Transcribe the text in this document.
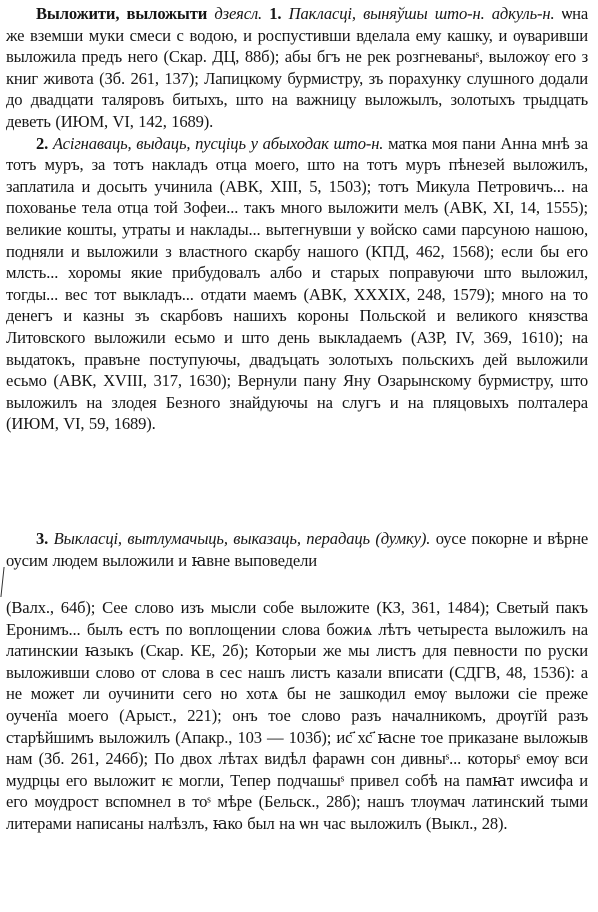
Выложити, выложыти дзеясл. 1. Пакласці, выняўшы што-н. адкуль-н. ѡна же вземши муки смеси с водою, и роспустивши вделала ему кашку, и ѹваривши выложила предъ него (Скар. ДЦ, 88б); абы бгъ не рек розгневаныˢ, выложѹ его з книг живота (Зб. 261, 137); Лапицкому бурмистру, зъ порахунку слушного додали до двадцати таляровъ битыхъ, што на важницу выложылъ, золотыхъ трыдцать деветь (ИЮМ, VI, 142, 1689).

2. Асігнаваць, выдаць, пусціць у абыходак што-н. матка моя пани Анна мнѣ за тотъ муръ, за тотъ накладъ отца моего, што на тотъ муръ пѣнезей выложилъ, заплатила и досыть учинила (АВК, XIII, 5, 1503); тотъ Микула Петровичъ... на похованье тела отца той Зофеи... такъ много выложити мелъ (АВК, XI, 14, 1555); великие кошты, утраты и наклады... вытегнувши у войско сами парсуною нашою, подняли и выложили з властного скарбу нашого (КПД, 462, 1568); если бы его млсть... хоромы якие прибудовалъ албо и старых поправуючи што выложил, тогды... вес тот выкладъ... отдати маемъ (АВК, XXXIX, 248, 1579); много на то денегъ и казны зъ скарбовъ нашихъ короны Польской и великого князства Литовского выложили есьмо и што день выкладаемъ (АЗР, IV, 369, 1610); на выдатокъ, правъне поступуючы, двадъцать золотыхъ польскихъ дей выложили есьмо (АВК, XVIII, 317, 1630); Вернули пану Яну Озарынскому бурмистру, што выложилъ на злодея Безного знайдуючы на слугъ и на пляцовыхъ полталера (ИЮМ, VI, 59, 1689).

3. Выкласці, вытлумачыць, выказаць, перадаць (думку). оусе покорне и вѣрне оусим людем выложили и ꙗвне выповедели

(Валх., 64б); Сее слово изъ мысли собе выложите (КЗ, 361, 1484); Светый пакъ Еронимъ... былъ естъ по воплощении слова божиѧ лѣтъ четыреста выложилъ на латинскии ꙗзыкъ (Скар. КЕ, 2б); Которыи же мы листъ для певности по руски выложивши слово от слова в сес нашъ листъ казали вписати (СДГВ, 48, 1536): а не может ли оучинити сего но хотѧ бы не зашкодил емѹ выложи сіе преже оученїа моего (Арыст., 221); онъ тое слово разъ началникомъ, дрѹгїй разъ старѣйшимъ выложилъ (Апакр., 103 — 103б); ис҃ хс҃ ꙗсне тое приказане выложыв нам (Зб. 261, 246б); По двох лѣтах видѣл фараѡн сон дивныˢ... которыˢ емѹ вси мудрцы его выложит ѥ могли, Тепер подчашыˢ привел собѣ на памꙗт иѡсифа и его мѹдрост вспомнел в тоˢ мѣре (Бельск., 28б); нашъ тлѹмач латинский тыми литерами написаны налѣзлъ, ꙗко был на ѡн час выложилъ (Выкл., 28).
